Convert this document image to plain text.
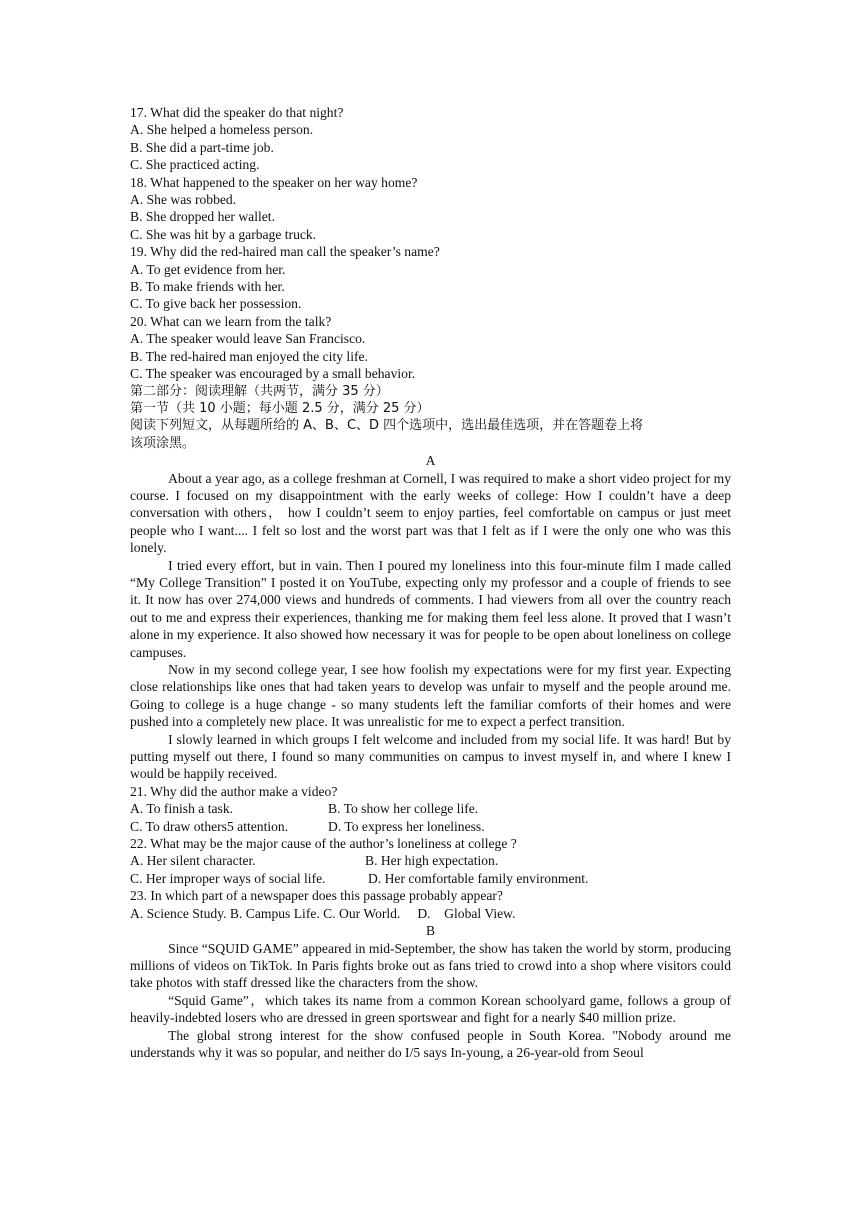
17. What did the speaker do that night?
A. She helped a homeless person.
B. She did a part-time job.
C. She practiced acting.
18. What happened to the speaker on her way home?
A. She was robbed.
B. She dropped her wallet.
C. She was hit by a garbage truck.
19. Why did the red-haired man call the speaker’s name?
A. To get evidence from her.
B. To make friends with her.
C. To give back her possession.
20. What can we learn from the talk?
A. The speaker would leave San Francisco.
B. The red-haired man enjoyed the city life.
C. The speaker was encouraged by a small behavior.
第二部分：阅读理解（共两节，满分 35 分）
第一节（共 10 小题；每小题 2.5 分，满分 25 分）
阅读下列短文，从每题所给的 A、B、C、D 四个选项中，选出最佳选项，并在答题卷上将
该项涂黑。
A
About a year ago, as a college freshman at Cornell, I was required to make a short video project for my course. I focused on my disappointment with the early weeks of college: How I couldn’t have a deep conversation with others， how I couldn’t seem to enjoy parties, feel comfortable on campus or just meet people who I want.... I felt so lost and the worst part was that I felt as if I were the only one who was this lonely.
I tried every effort, but in vain. Then I poured my loneliness into this four-minute film I made called “My College Transition” I posted it on YouTube, expecting only my professor and a couple of friends to see it. It now has over 274,000 views and hundreds of comments. I had viewers from all over the country reach out to me and express their experiences, thanking me for making them feel less alone. It proved that I wasn’t alone in my experience. It also showed how necessary it was for people to be open about loneliness on college campuses.
Now in my second college year, I see how foolish my expectations were for my first year. Expecting close relationships like ones that had taken years to develop was unfair to myself and the people around me. Going to college is a huge change - so many students left the familiar comforts of their homes and were pushed into a completely new place. It was unrealistic for me to expect a perfect transition.
I slowly learned in which groups I felt welcome and included from my social life. It was hard! But by putting myself out there, I found so many communities on campus to invest myself in, and where I knew I would be happily received.
21. Why did the author make a video?
A. To finish a task.	B. To show her college life.
C. To draw others5 attention.	D. To express her loneliness.
22. What may be the major cause of the author’s loneliness at college ?
A. Her silent character.	B. Her high expectation.
C. Her improper ways of social life.	D. Her comfortable family environment.
23. In which part of a newspaper does this passage probably appear?
A. Science Study. B. Campus Life. C. Our World.     D.    Global View.
B
Since “SQUID GAME” appeared in mid-September, the show has taken the world by storm, producing millions of videos on TikTok. In Paris fights broke out as fans tried to crowd into a shop where visitors could take photos with staff dressed like the characters from the show.
“Squid Game”，which takes its name from a common Korean schoolyard game, follows a group of heavily-indebted losers who are dressed in green sportswear and fight for a nearly $40 million prize.
The global strong interest for the show confused people in South Korea. "Nobody around me understands why it was so popular, and neither do I/5 says In-young, a 26-year-old from Seoul
